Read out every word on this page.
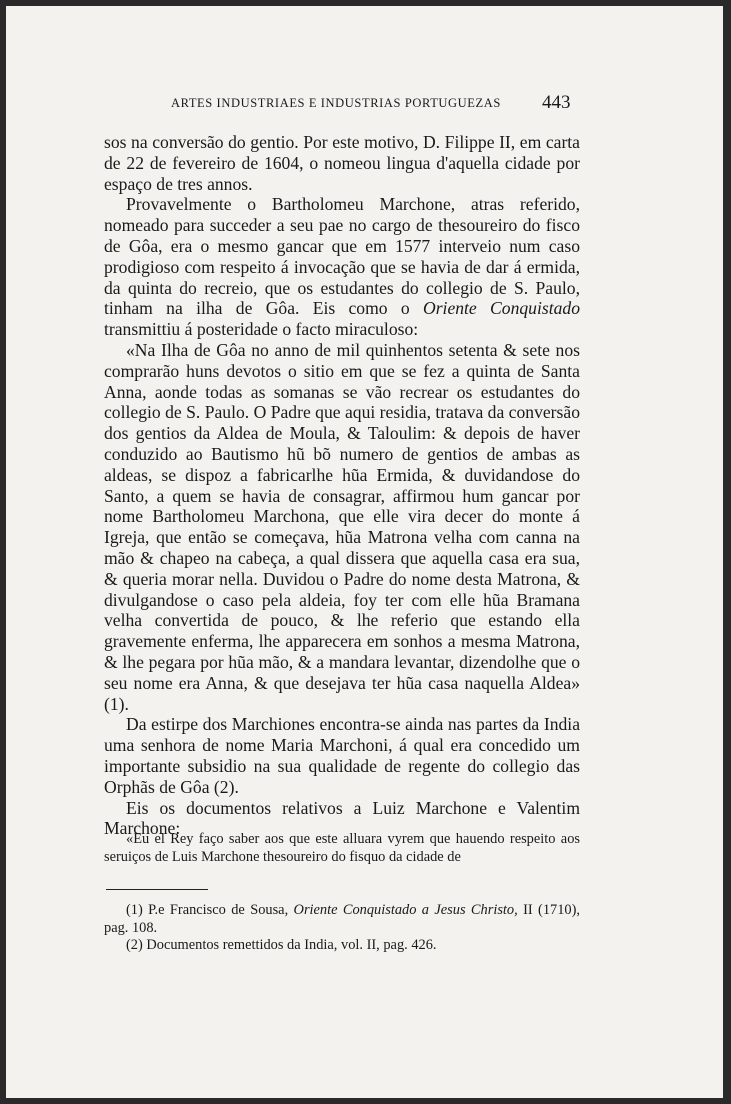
ARTES INDUSTRIAES E INDUSTRIAS PORTUGUEZAS 443

sos na conversão do gentio. Por este motivo, D. Filippe II, em carta de 22 de fevereiro de 1604, o nomeou lingua d'aquella cidade por espaço de tres annos.

Provavelmente o Bartholomeu Marchone, atras referido, nomeado para succeder a seu pae no cargo de thesoureiro do fisco de Gôa, era o mesmo gancar que em 1577 interveio num caso prodigioso com respeito á invocação que se havia de dar á ermida, da quinta do recreio, que os estudantes do collegio de S. Paulo, tinham na ilha de Gôa. Eis como o Oriente Conquistado transmittiu á posteridade o facto miraculoso:

«Na Ilha de Gôa no anno de mil quinhentos setenta & sete nos comprarão huns devotos o sitio em que se fez a quinta de Santa Anna, aonde todas as somanas se vão recrear os estudantes do collegio de S. Paulo. O Padre que aqui residia, tratava da conversão dos gentios da Aldea de Moula, & Taloulim: & depois de haver conduzido ao Bautismo hũ bõ numero de gentios de ambas as aldeas, se dispoz a fabricarlhe hũa Ermida, & duvidandose do Santo, a quem se havia de consagrar, affirmou hum gancar por nome Bartholomeu Marchona, que elle vira decer do monte á Igreja, que então se começava, hũa Matrona velha com canna na mão & chapeo na cabeça, a qual dissera que aquella casa era sua, & queria morar nella. Duvidou o Padre do nome desta Matrona, & divulgandose o caso pela aldeia, foy ter com elle hũa Bramana velha convertida de pouco, & lhe referio que estando ella gravemente enferma, lhe apparecera em sonhos a mesma Matrona, & lhe pegara por hũa mão, & a mandara levantar, dizendolhe que o seu nome era Anna, & que desejava ter hũa casa naquella Aldea» (1).

Da estirpe dos Marchiones encontra-se ainda nas partes da India uma senhora de nome Maria Marchoni, á qual era concedido um importante subsidio na sua qualidade de regente do collegio das Orphãs de Gôa (2).

Eis os documentos relativos a Luiz Marchone e Valentim Marchone:

«Eu el Rey faço saber aos que este alluara vyrem que hauendo respeito aos seruiços de Luis Marchone thesoureiro do fisquo da cidade de

(1) P.e Francisco de Sousa, Oriente Conquistado a Jesus Christo, II (1710), pag. 108.

(2) Documentos remettidos da India, vol. II, pag. 426.
